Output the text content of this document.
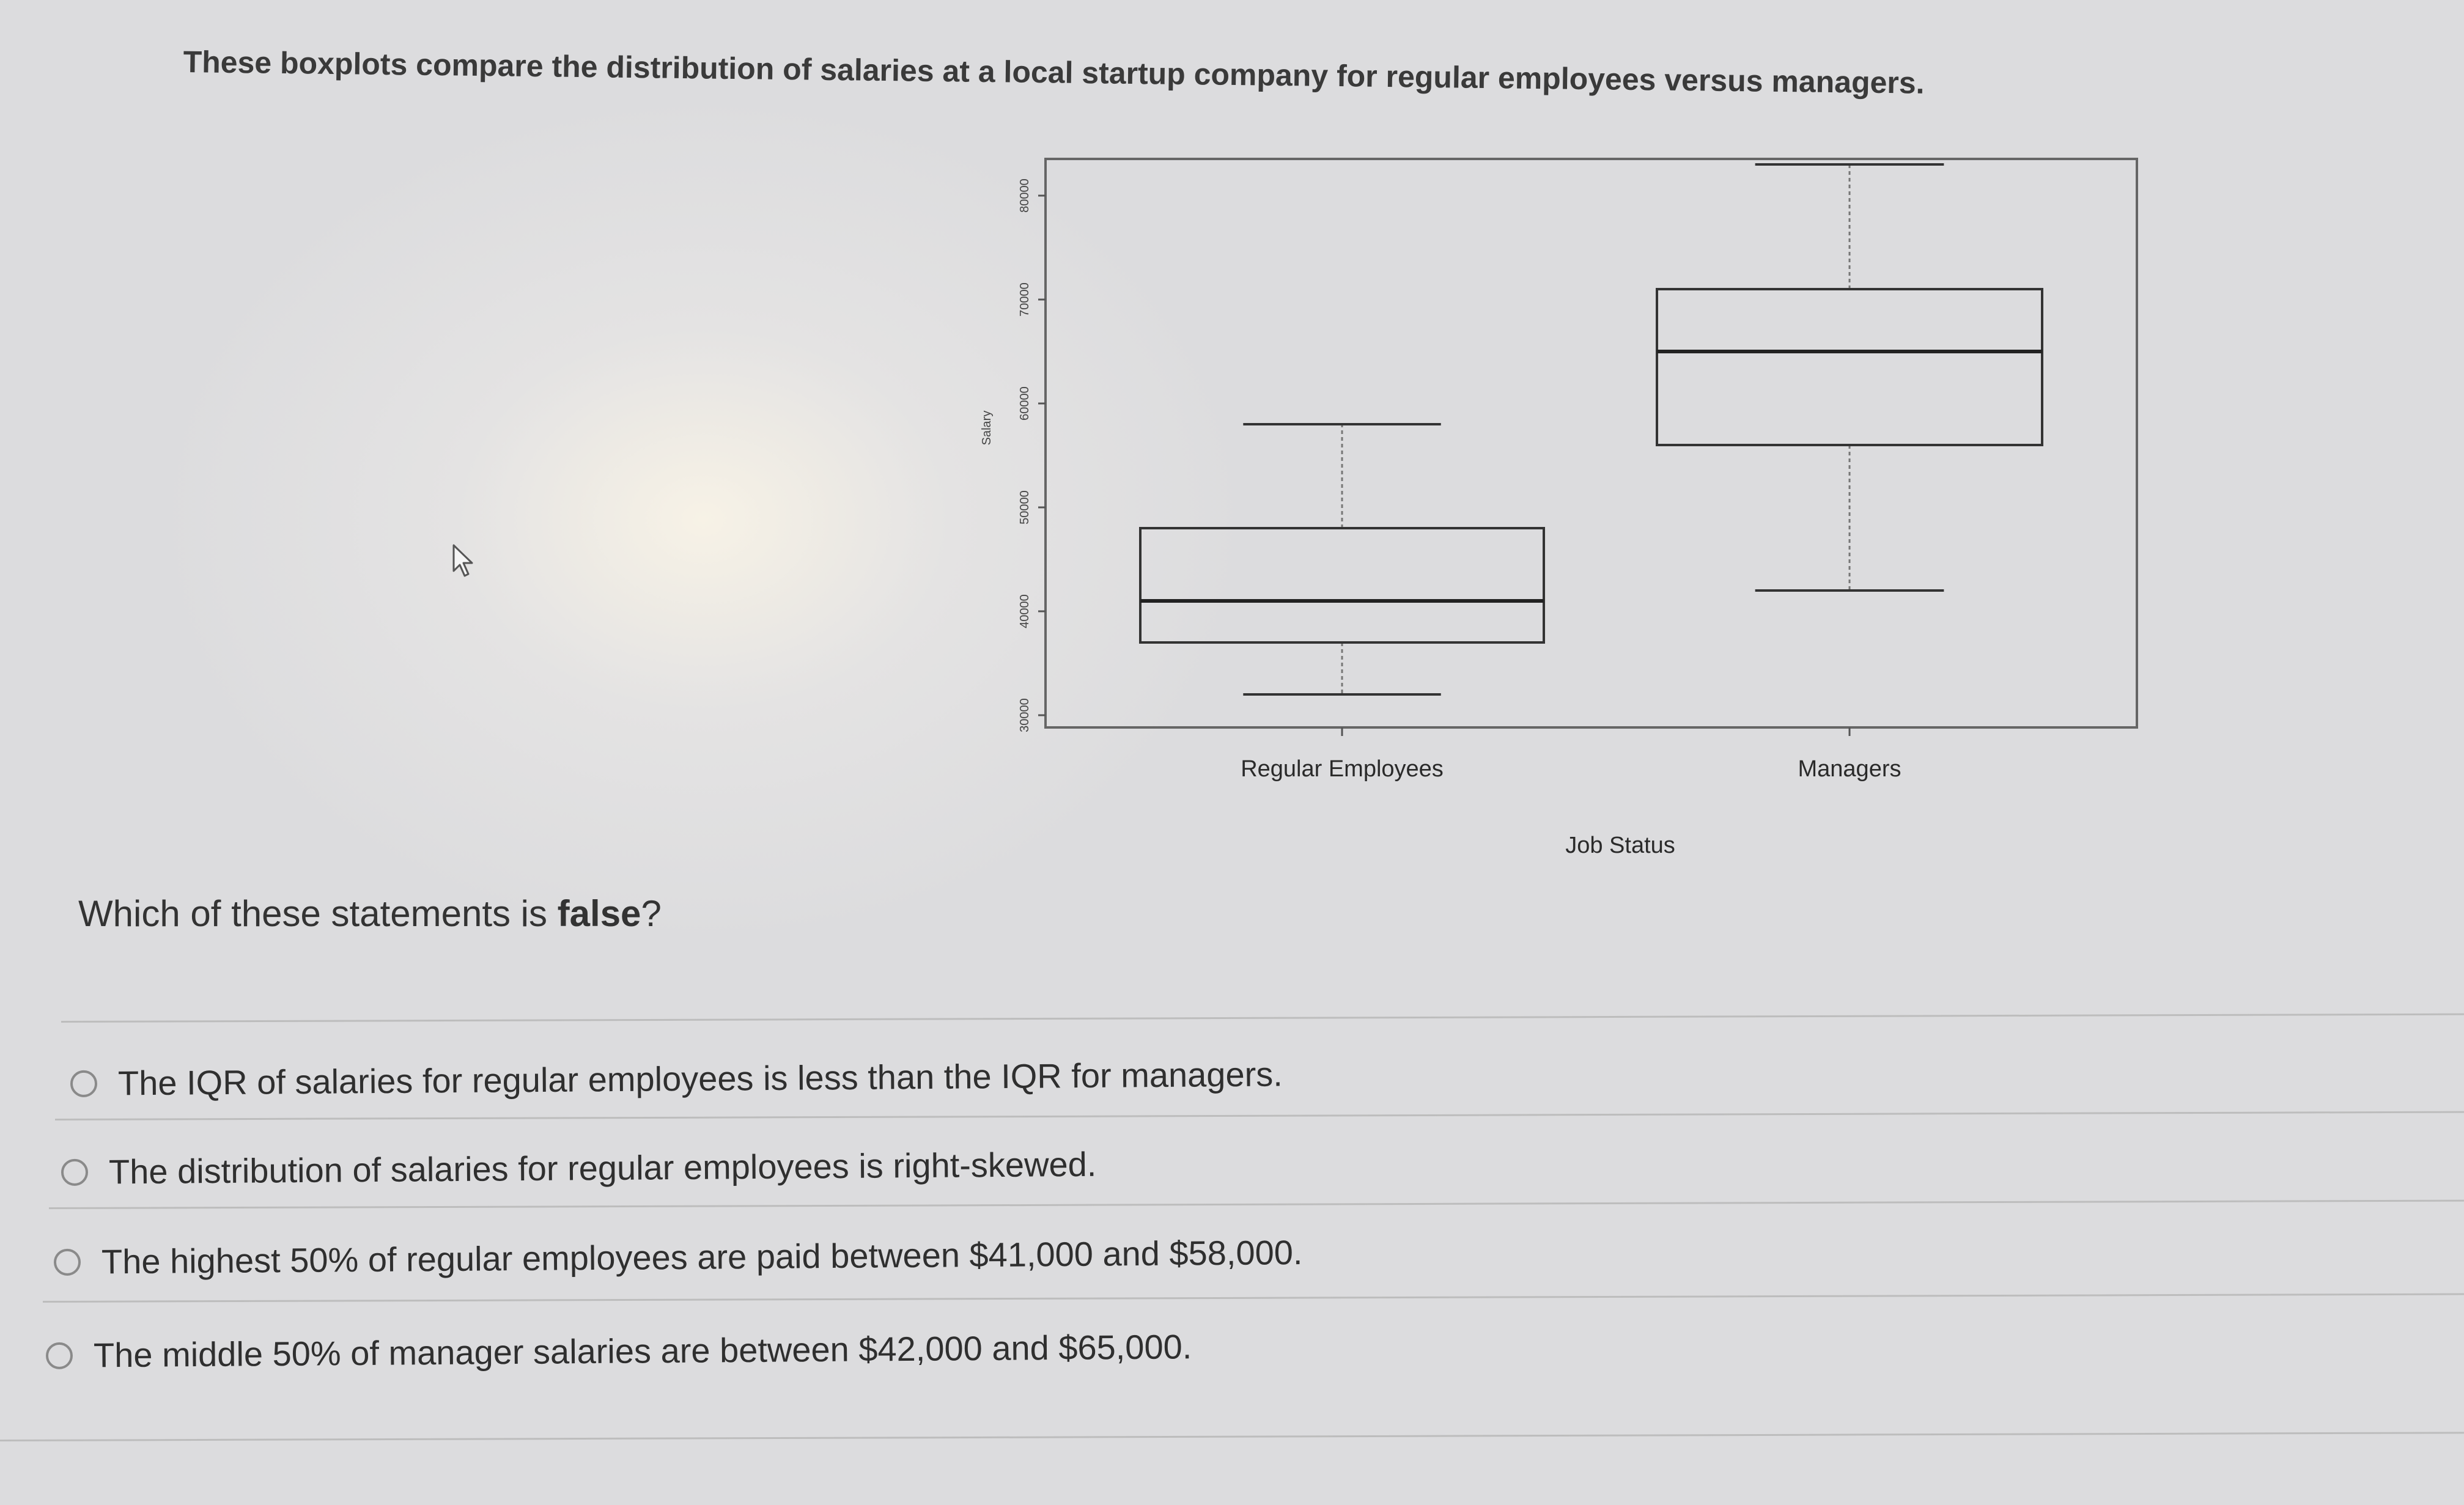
These boxplots compare the distribution of salaries at a local startup company for regular employees versus managers.
30000
40000
50000
60000
70000
80000
Salary
Regular Employees	Managers
Job Status
Which of these statements is false?
The IQR of salaries for regular employees is less than the IQR for managers.
The distribution of salaries for regular employees is right-skewed.
The highest 50% of regular employees are paid between $41,000 and $58,000.
The middle 50% of manager salaries are between $42,000 and $65,000.
